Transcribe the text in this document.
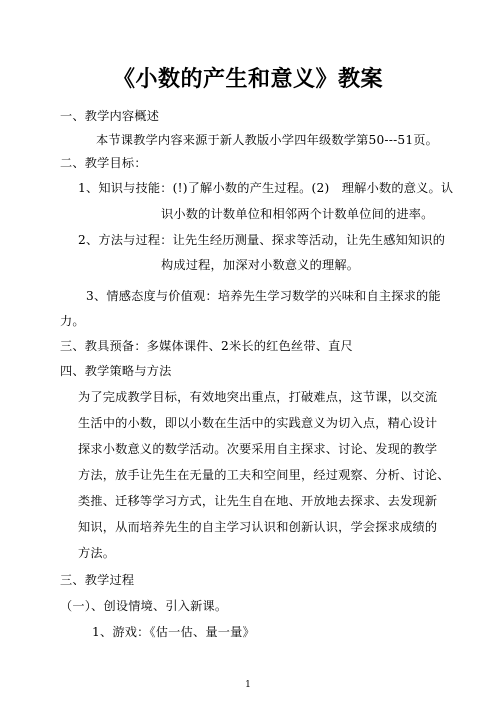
《小数的产生和意义》教案
一、教学内容概述
本节课教学内容来源于新人教版小学四年级数学第50---51页。
二、教学目标：
1、知识与技能：(!)了解小数的产生过程。(2)　理解小数的意义。认
识小数的计数单位和相邻两个计数单位间的进率。
2、方法与过程：让先生经历测量、探求等活动，让先生感知知识的
构成过程，加深对小数意义的理解。
3、情感态度与价值观：培养先生学习数学的兴味和自主探求的能
力。
三、教具预备：多媒体课件、2米长的红色丝带、直尺
四、教学策略与方法
为了完成教学目标，有效地突出重点，打破难点，这节课，以交流
生活中的小数，即以小数在生活中的实践意义为切入点，精心设计
探求小数意义的数学活动。次要采用自主探求、讨论、发现的教学
方法，放手让先生在无量的工夫和空间里，经过观察、分析、讨论、
类推、迁移等学习方式，让先生自在地、开放地去探求、去发现新
知识，从而培养先生的自主学习认识和创新认识，学会探求成绩的
方法。
三、教学过程
（一）、创设情境、引入新课。
1、游戏：《估一估、量一量》
1
